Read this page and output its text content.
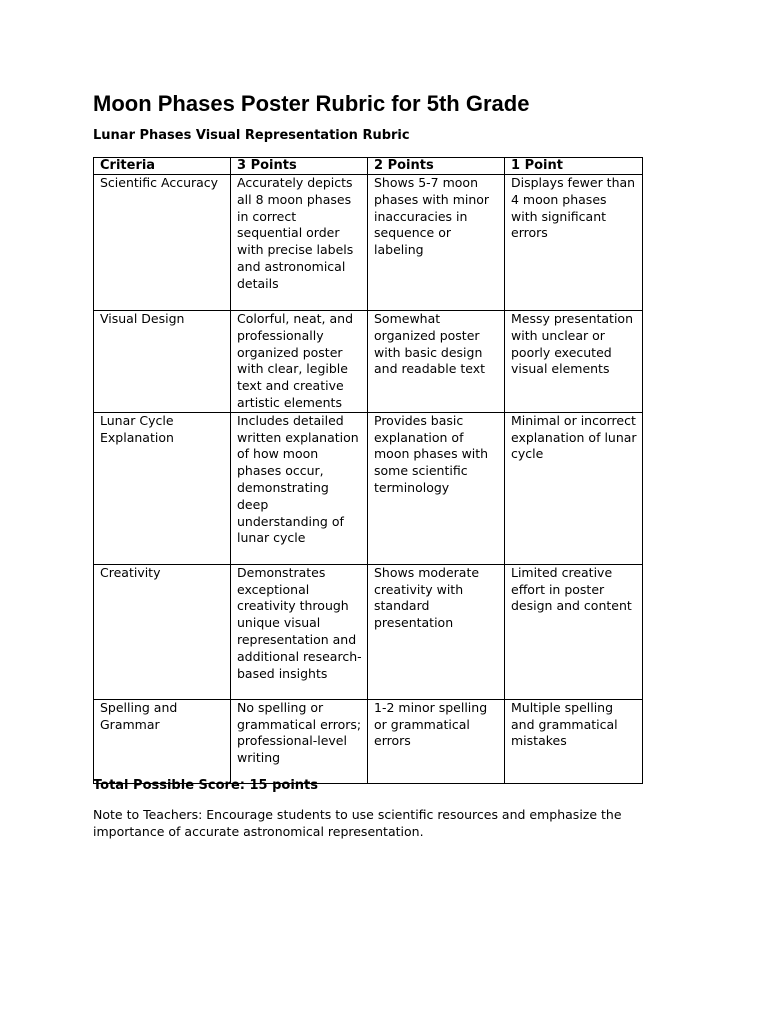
Moon Phases Poster Rubric for 5th Grade

Lunar Phases Visual Representation Rubric

Criteria	3 Points	2 Points	1 Point
Scientific Accuracy	Accurately depicts all 8 moon phases in correct sequential order with precise labels and astronomical details	Shows 5-7 moon phases with minor inaccuracies in sequence or labeling	Displays fewer than 4 moon phases with significant errors
Visual Design	Colorful, neat, and professionally organized poster with clear, legible text and creative artistic elements	Somewhat organized poster with basic design and readable text	Messy presentation with unclear or poorly executed visual elements
Lunar Cycle Explanation	Includes detailed written explanation of how moon phases occur, demonstrating deep understanding of lunar cycle	Provides basic explanation of moon phases with some scientific terminology	Minimal or incorrect explanation of lunar cycle
Creativity	Demonstrates exceptional creativity through unique visual representation and additional research-based insights	Shows moderate creativity with standard presentation	Limited creative effort in poster design and content
Spelling and Grammar	No spelling or grammatical errors; professional-level writing	1-2 minor spelling or grammatical errors	Multiple spelling and grammatical mistakes

Total Possible Score: 15 points

Note to Teachers: Encourage students to use scientific resources and emphasize the importance of accurate astronomical representation.
